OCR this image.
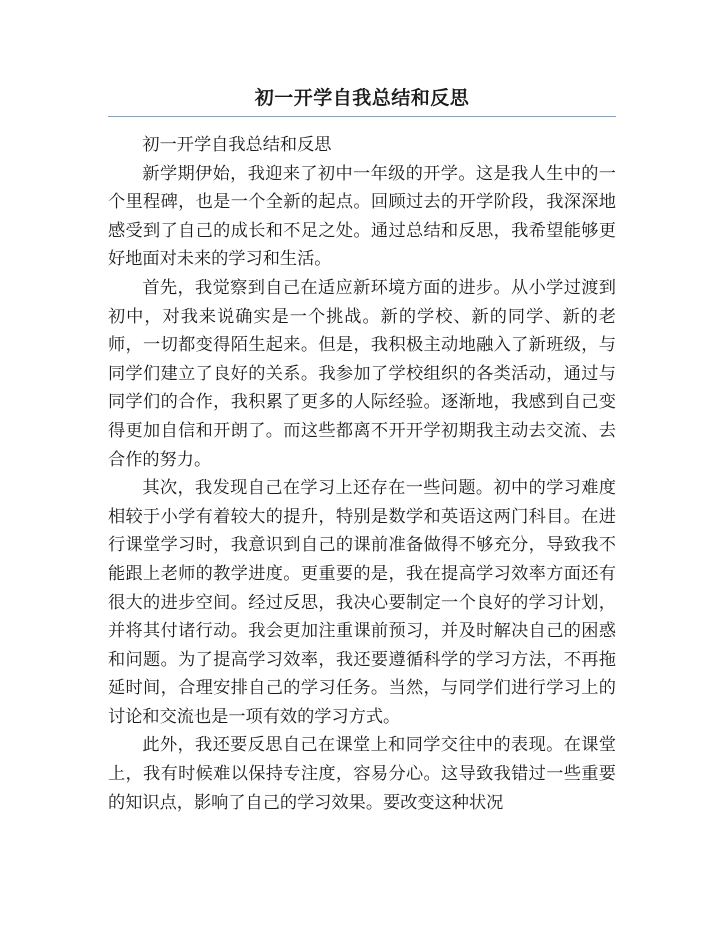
初一开学自我总结和反思

初一开学自我总结和反思

新学期伊始，我迎来了初中一年级的开学。这是我人生中的一个里程碑，也是一个全新的起点。回顾过去的开学阶段，我深深地感受到了自己的成长和不足之处。通过总结和反思，我希望能够更好地面对未来的学习和生活。

首先，我觉察到自己在适应新环境方面的进步。从小学过渡到初中，对我来说确实是一个挑战。新的学校、新的同学、新的老师，一切都变得陌生起来。但是，我积极主动地融入了新班级，与同学们建立了良好的关系。我参加了学校组织的各类活动，通过与同学们的合作，我积累了更多的人际经验。逐渐地，我感到自己变得更加自信和开朗了。而这些都离不开开学初期我主动去交流、去合作的努力。

其次，我发现自己在学习上还存在一些问题。初中的学习难度相较于小学有着较大的提升，特别是数学和英语这两门科目。在进行课堂学习时，我意识到自己的课前准备做得不够充分，导致我不能跟上老师的教学进度。更重要的是，我在提高学习效率方面还有很大的进步空间。经过反思，我决心要制定一个良好的学习计划，并将其付诸行动。我会更加注重课前预习，并及时解决自己的困惑和问题。为了提高学习效率，我还要遵循科学的学习方法，不再拖延时间，合理安排自己的学习任务。当然，与同学们进行学习上的讨论和交流也是一项有效的学习方式。

此外，我还要反思自己在课堂上和同学交往中的表现。在课堂上，我有时候难以保持专注度，容易分心。这导致我错过一些重要的知识点，影响了自己的学习效果。要改变这种状况
